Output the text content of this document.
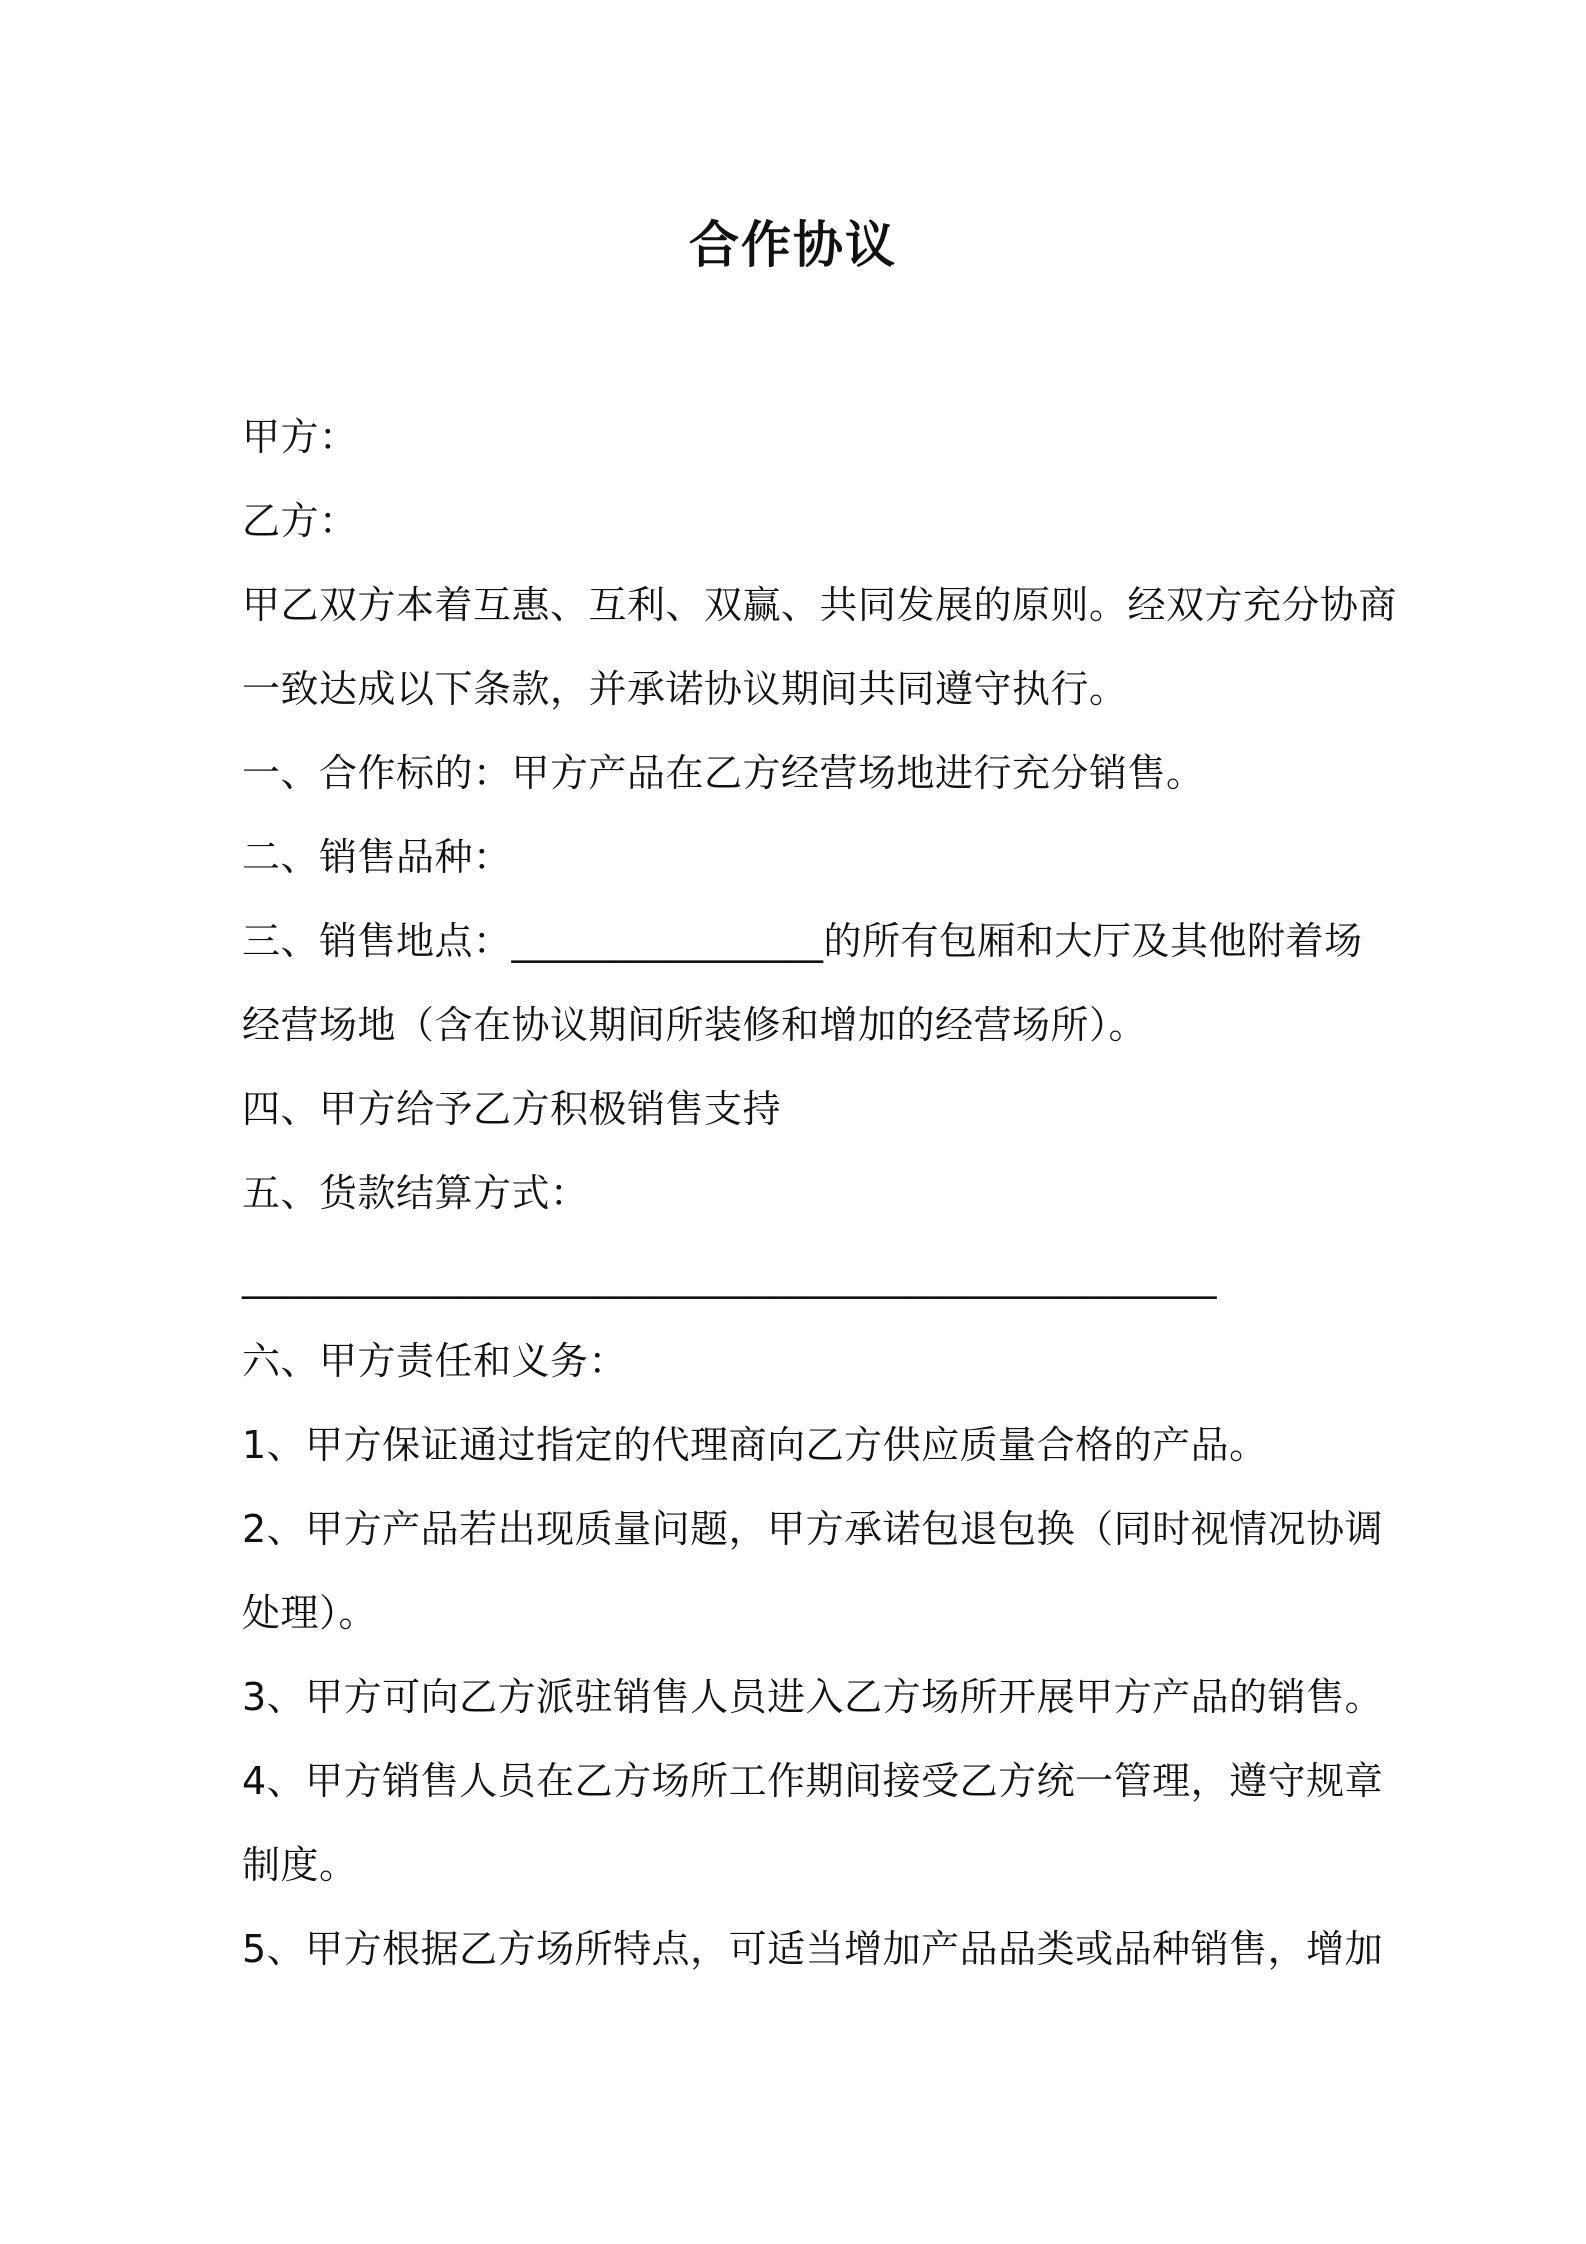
合作协议
甲方：
乙方：
甲乙双方本着互惠、互利、双赢、共同发展的原则。经双方充分协商
一致达成以下条款，并承诺协议期间共同遵守执行。
一、合作标的：甲方产品在乙方经营场地进行充分销售。
二、销售品种：
三、销售地点：________________的所有包厢和大厅及其他附着场
经营场地（含在协议期间所装修和增加的经营场所）。
四、甲方给予乙方积极销售支持
五、货款结算方式：
__________________________________________________
六、甲方责任和义务：
1、甲方保证通过指定的代理商向乙方供应质量合格的产品。
2、甲方产品若出现质量问题，甲方承诺包退包换（同时视情况协调
处理）。
3、甲方可向乙方派驻销售人员进入乙方场所开展甲方产品的销售。
4、甲方销售人员在乙方场所工作期间接受乙方统一管理，遵守规章
制度。
5、甲方根据乙方场所特点，可适当增加产品品类或品种销售，增加
